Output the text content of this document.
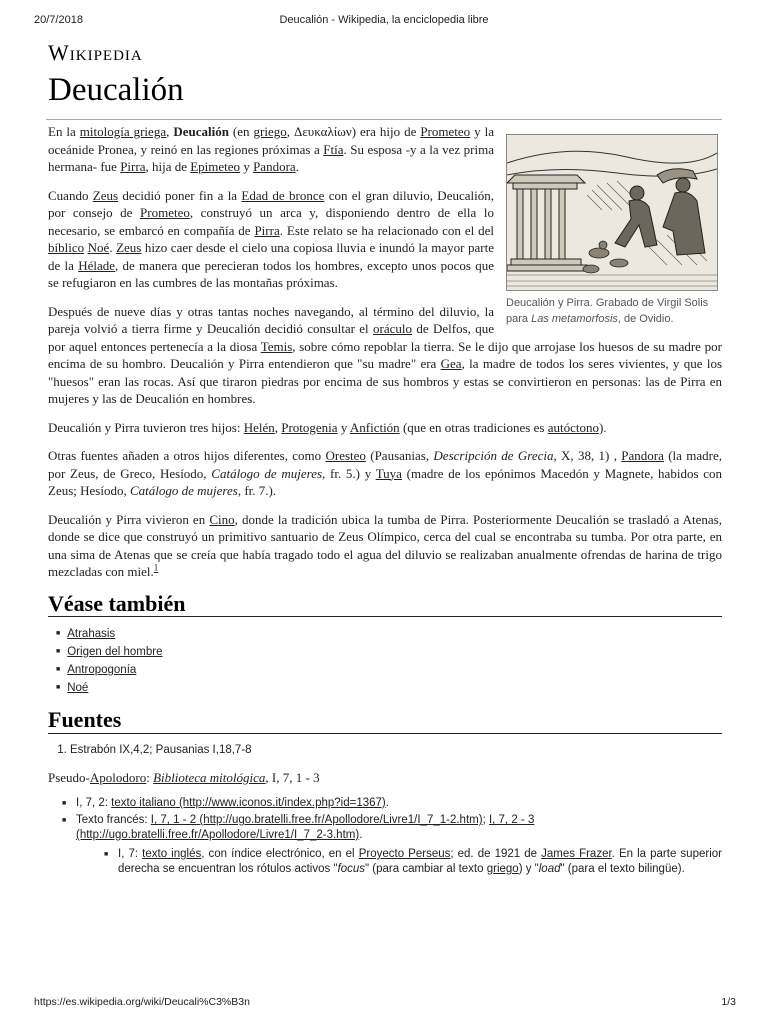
20/7/2018	Deucalión - Wikipedia, la enciclopedia libre
Wikipedia
Deucalión
Deucalión y Pirra. Grabado de Virgil Solis para Las metamorfosis, de Ovidio.

En la mitología griega, Deucalión (en griego, Δευκαλίων) era hijo de Prometeo y la oceánide Pronea, y reinó en las regiones próximas a Ftía. Su esposa -y a la vez prima hermana- fue Pirra, hija de Epimeteo y Pandora.

Cuando Zeus decidió poner fin a la Edad de bronce con el gran diluvio, Deucalión, por consejo de Prometeo, construyó un arca y, disponiendo dentro de ella lo necesario, se embarcó en compañía de Pirra. Este relato se ha relacionado con el del bíblico Noé. Zeus hizo caer desde el cielo una copiosa lluvia e inundó la mayor parte de la Hélade, de manera que perecieran todos los hombres, excepto unos pocos que se refugiaron en las cumbres de las montañas próximas.

Después de nueve días y otras tantas noches navegando, al término del diluvio, la pareja volvió a tierra firme y Deucalión decidió consultar el oráculo de Delfos, que por aquel entonces pertenecía a la diosa Temis, sobre cómo repoblar la tierra. Se le dijo que arrojase los huesos de su madre por encima de su hombro. Deucalión y Pirra entendieron que "su madre" era Gea, la madre de todos los seres vivientes, y que los "huesos" eran las rocas. Así que tiraron piedras por encima de sus hombros y estas se convirtieron en personas: las de Pirra en mujeres y las de Deucalión en hombres.

Deucalión y Pirra tuvieron tres hijos: Helén, Protogenia y Anfictión (que en otras tradiciones es autóctono).

Otras fuentes añaden a otros hijos diferentes, como Oresteo (Pausanias, Descripción de Grecia, X, 38, 1) , Pandora (la madre, por Zeus, de Greco, Hesíodo, Catálogo de mujeres, fr. 5.) y Tuya (madre de los epónimos Macedón y Magnete, habidos con Zeus; Hesíodo, Catálogo de mujeres, fr. 7.).

Deucalión y Pirra vivieron en Cino, donde la tradición ubica la tumba de Pirra. Posteriormente Deucalión se trasladó a Atenas, donde se dice que construyó un primitivo santuario de Zeus Olímpico, cerca del cual se encontraba su tumba. Por otra parte, en una sima de Atenas que se creía que había tragado todo el agua del diluvio se realizaban anualmente ofrendas de harina de trigo mezcladas con miel.$^1$

Véase también
■ Atrahasis
■ Origen del hombre
■ Antropogonía
■ Noé
Fuentes
1. Estrabón IX,4,2; Pausanias I,18,7-8
Pseudo-Apolodoro: Biblioteca mitológica, I, 7, 1 - 3
■ I, 7, 2: texto italiano (http://www.iconos.it/index.php?id=1367).
■ Texto francés: I, 7, 1 - 2 (http://ugo.bratelli.free.fr/Apollodore/Livre1/I_7_1-2.htm); I, 7, 2 - 3 (http://ugo.bratelli.free.fr/Apollodore/Livre1/I_7_2-3.htm).
■ I, 7: texto inglés, con índice electrónico, en el Proyecto Perseus; ed. de 1921 de James Frazer. En la parte superior derecha se encuentran los rótulos activos "focus" (para cambiar al texto griego) y "load" (para el texto bilingüe).
https://es.wikipedia.org/wiki/Deucali%C3%B3n	1/3
